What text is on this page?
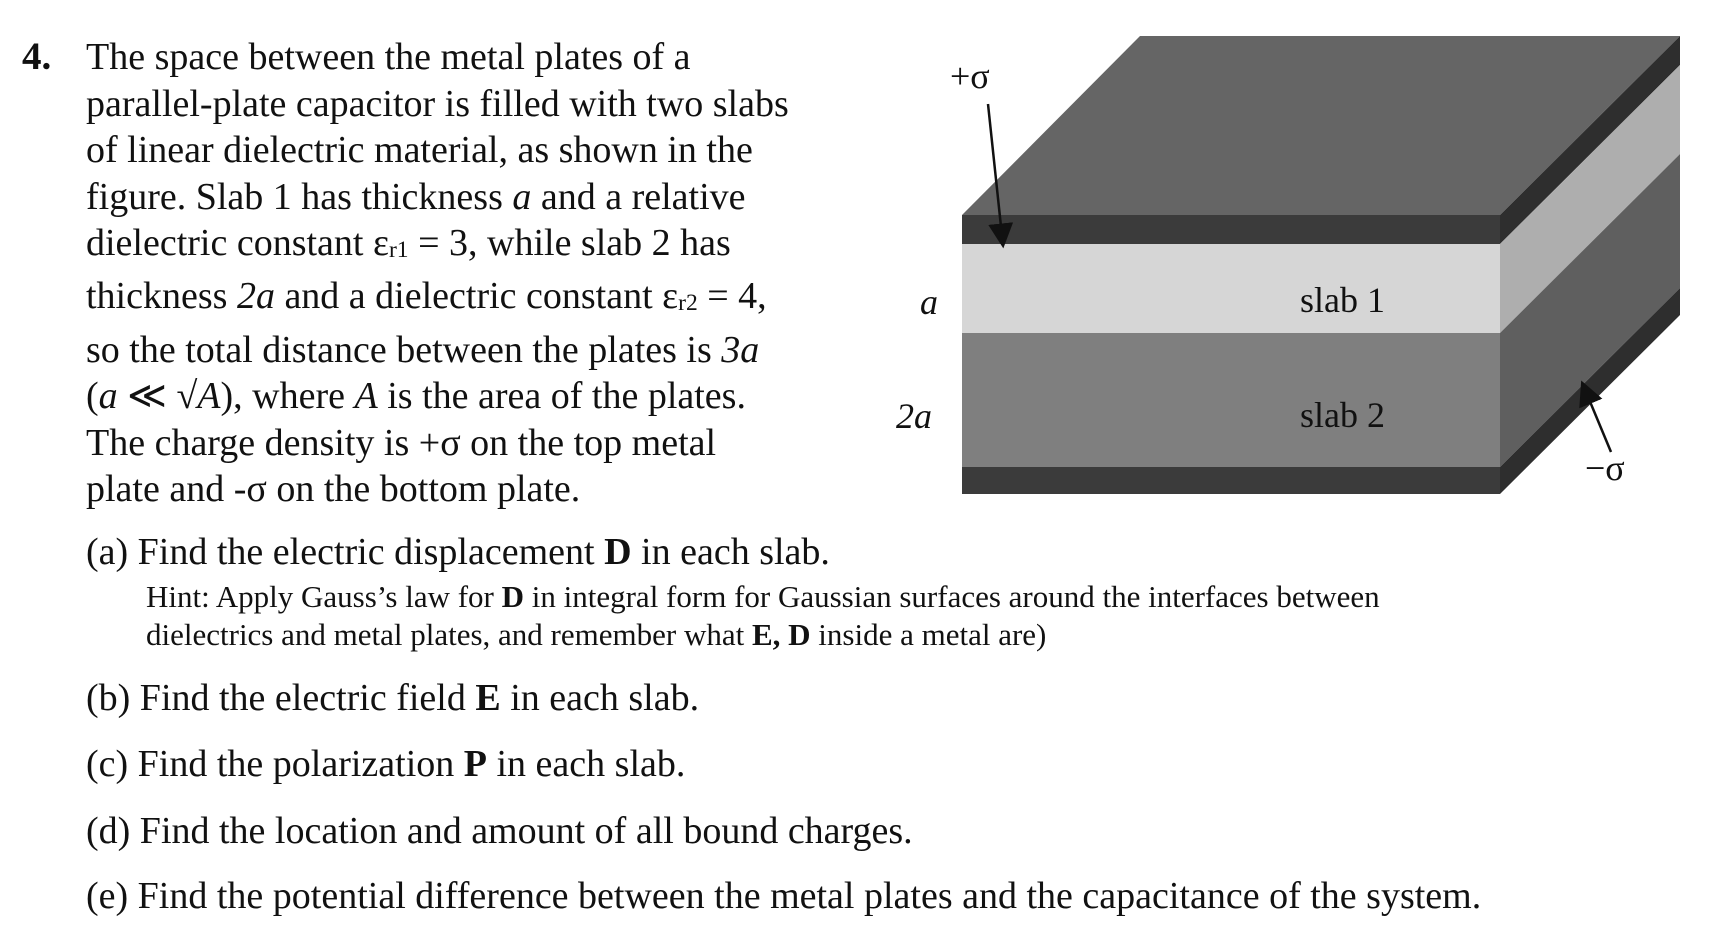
4. The space between the metal plates of a
parallel-plate capacitor is filled with two slabs
of linear dielectric material, as shown in the
figure. Slab 1 has thickness a and a relative
dielectric constant εr1 = 3, while slab 2 has
thickness 2a and a dielectric constant εr2 = 4,
so the total distance between the plates is 3a
(a ≪ √A), where A is the area of the plates.
The charge density is +σ on the top metal
plate and -σ on the bottom plate.
+σ
a
2a
slab 1
slab 2
−σ
(a) Find the electric displacement D in each slab.
Hint: Apply Gauss’s law for D in integral form for Gaussian surfaces around the interfaces between
dielectrics and metal plates, and remember what E, D inside a metal are)
(b) Find the electric field E in each slab.
(c) Find the polarization P in each slab.
(d) Find the location and amount of all bound charges.
(e) Find the potential difference between the metal plates and the capacitance of the system.
